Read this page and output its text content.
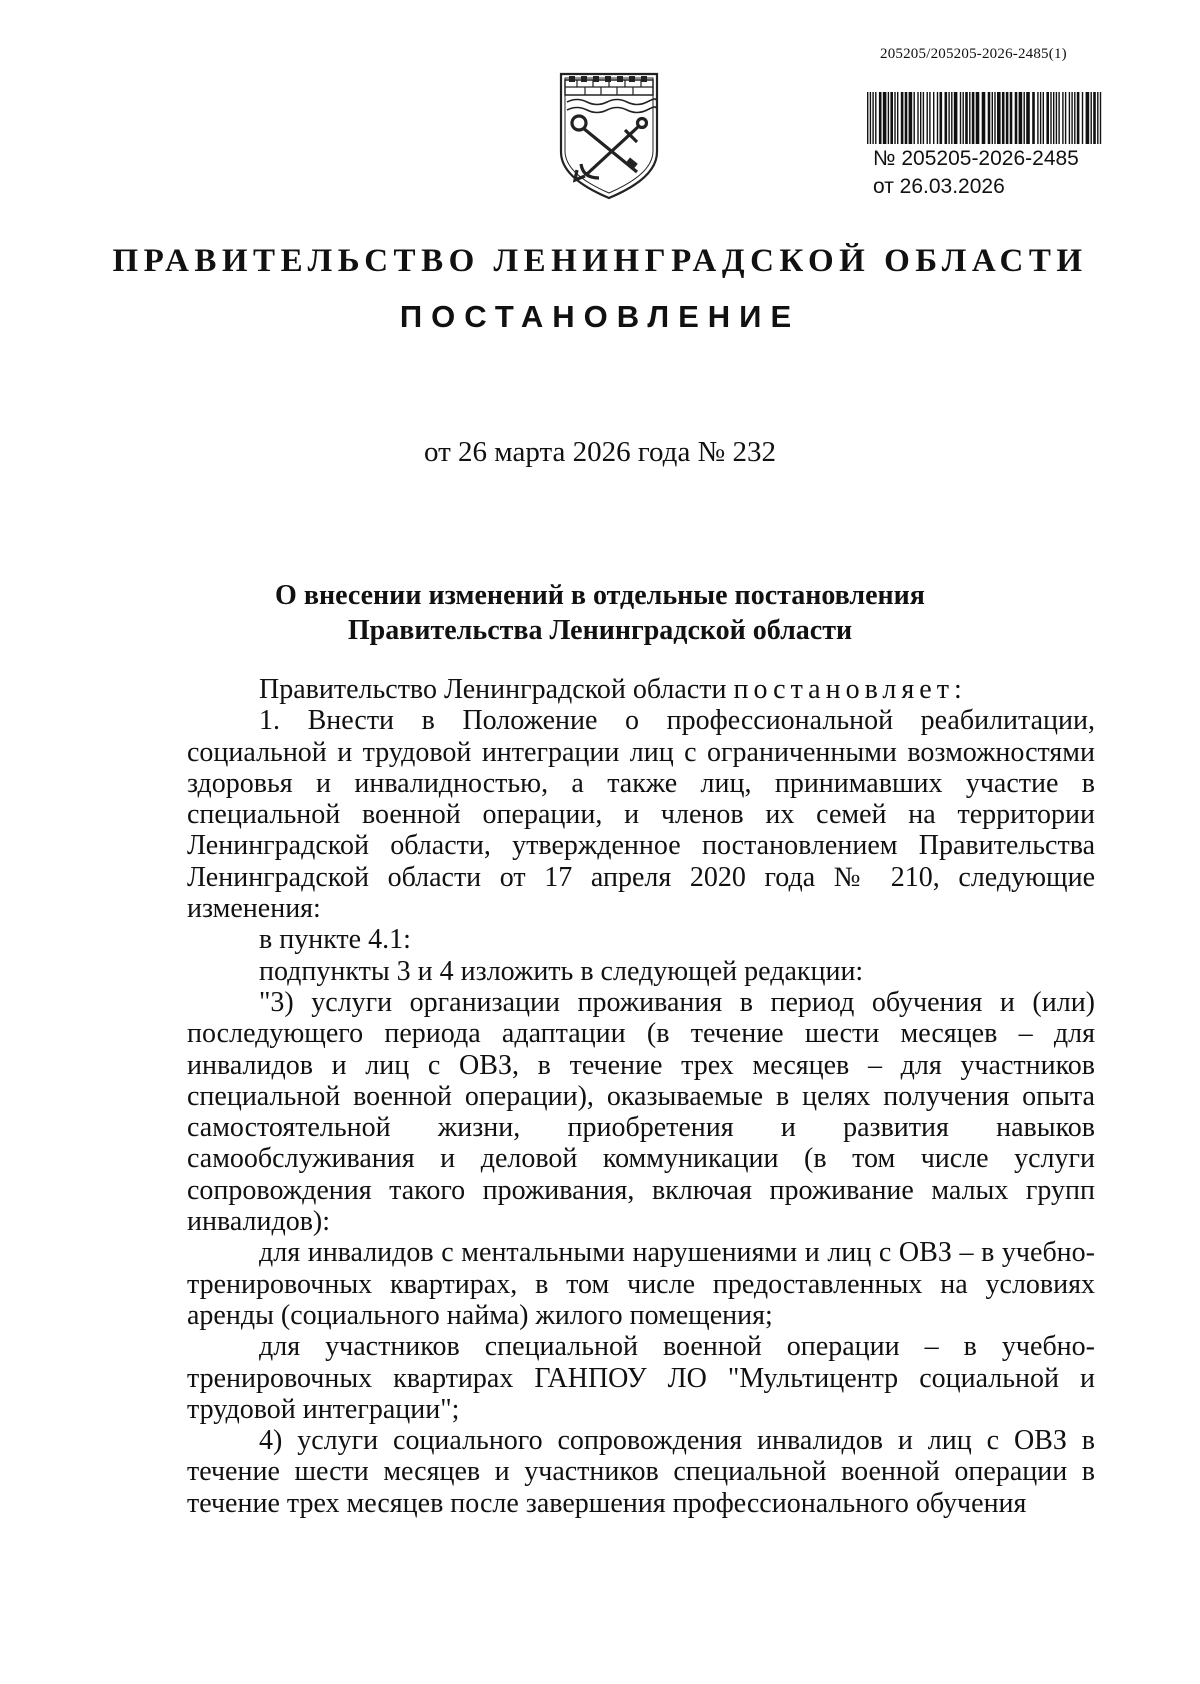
205205/205205-2026-2485(1)
№ 205205-2026-2485
от 26.03.2026
ПРАВИТЕЛЬСТВО ЛЕНИНГРАДСКОЙ ОБЛАСТИ
ПОСТАНОВЛЕНИЕ
от 26 марта 2026 года № 232
О внесении изменений в отдельные постановления
Правительства Ленинградской области

Правительство Ленинградской области постановляет:

1. Внести в Положение о профессиональной реабилитации, социальной и трудовой интеграции лиц с ограниченными возможностями здоровья и инвалидностью, а также лиц, принимавших участие в специальной военной операции, и членов их семей на территории Ленинградской области, утвержденное постановлением Правительства Ленинградской области от 17 апреля 2020 года № 210, следующие изменения:

в пункте 4.1:

подпункты 3 и 4 изложить в следующей редакции:

"3) услуги организации проживания в период обучения и (или) последующего периода адаптации (в течение шести месяцев – для инвалидов и лиц с ОВЗ, в течение трех месяцев – для участников специальной военной операции), оказываемые в целях получения опыта самостоятельной жизни, приобретения и развития навыков самообслуживания и деловой коммуникации (в том числе услуги сопровождения такого проживания, включая проживание малых групп инвалидов):

для инвалидов с ментальными нарушениями и лиц с ОВЗ – в учебно-тренировочных квартирах, в том числе предоставленных на условиях аренды (социального найма) жилого помещения;

для участников специальной военной операции – в учебно-тренировочных квартирах ГАНПОУ ЛО "Мультицентр социальной и трудовой интеграции";

4) услуги социального сопровождения инвалидов и лиц с ОВЗ в течение шести месяцев и участников специальной военной операции в течение трех месяцев после завершения профессионального обучения
